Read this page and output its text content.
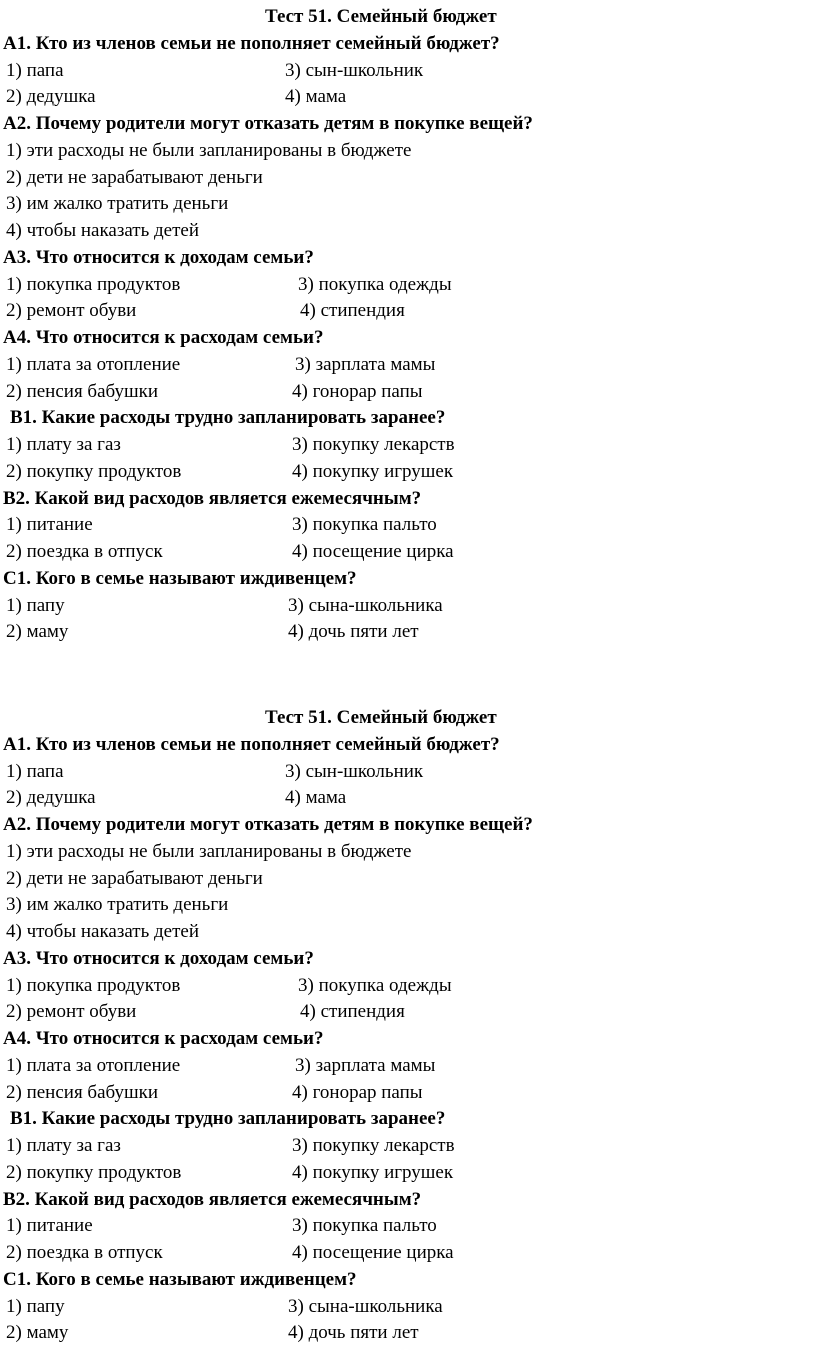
Тест 51. Семейный бюджет
А1. Кто из членов семьи не пополняет семейный бюджет?
1) папа	3) сын-школьник
2) дедушка	4) мама
А2. Почему родители могут отказать детям в покупке вещей?
1) эти расходы не были запланированы в бюджете
2) дети не зарабатывают деньги
3) им жалко тратить деньги
4) чтобы наказать детей
А3. Что относится к доходам семьи?
1) покупка продуктов	3) покупка одежды
2) ремонт обуви	4) стипендия
А4. Что относится к расходам семьи?
1) плата за отопление	3) зарплата мамы
2) пенсия бабушки	4) гонорар папы
В1. Какие расходы трудно запланировать заранее?
1) плату за газ	3) покупку лекарств
2) покупку продуктов	4) покупку игрушек
В2. Какой вид расходов является ежемесячным?
1) питание	3) покупка пальто
2) поездка в отпуск	4) посещение цирка
С1. Кого в семье называют иждивенцем?
1) папу	3) сына-школьника
2) маму	4) дочь пяти лет
Тест 51. Семейный бюджет
А1. Кто из членов семьи не пополняет семейный бюджет?
1) папа	3) сын-школьник
2) дедушка	4) мама
А2. Почему родители могут отказать детям в покупке вещей?
1) эти расходы не были запланированы в бюджете
2) дети не зарабатывают деньги
3) им жалко тратить деньги
4) чтобы наказать детей
А3. Что относится к доходам семьи?
1) покупка продуктов	3) покупка одежды
2) ремонт обуви	4) стипендия
А4. Что относится к расходам семьи?
1) плата за отопление	3) зарплата мамы
2) пенсия бабушки	4) гонорар папы
В1. Какие расходы трудно запланировать заранее?
1) плату за газ	3) покупку лекарств
2) покупку продуктов	4) покупку игрушек
В2. Какой вид расходов является ежемесячным?
1) питание	3) покупка пальто
2) поездка в отпуск	4) посещение цирка
С1. Кого в семье называют иждивенцем?
1) папу	3) сына-школьника
2) маму	4) дочь пяти лет
